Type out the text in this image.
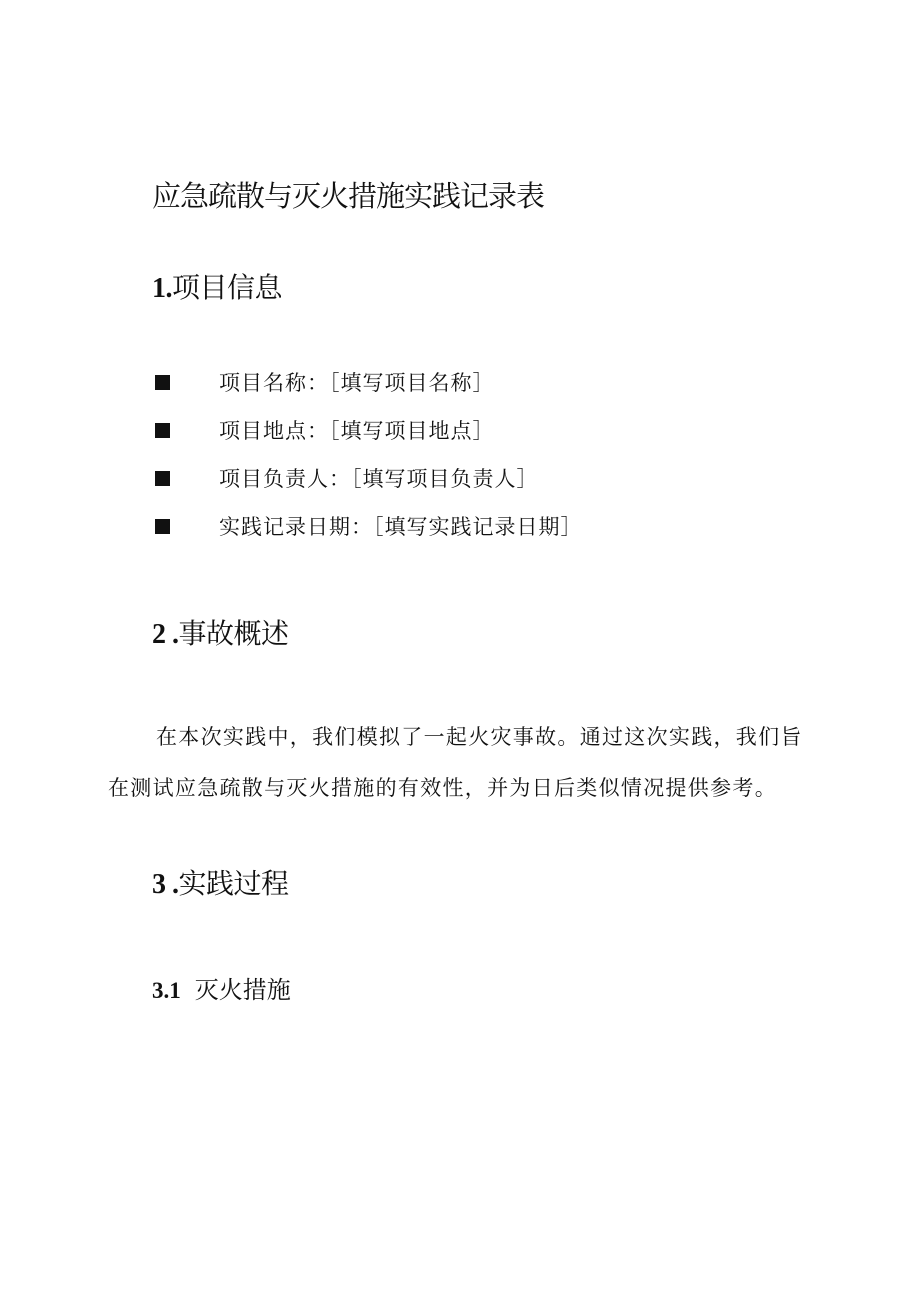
应急疏散与灭火措施实践记录表
1.项目信息
项目名称：［填写项目名称］
项目地点：［填写项目地点］
项目负责人：［填写项目负责人］
实践记录日期：［填写实践记录日期］
2 .事故概述
在本次实践中，我们模拟了一起火灾事故。通过这次实践，我们旨
在测试应急疏散与灭火措施的有效性，并为日后类似情况提供参考。
3 .实践过程
3.1 灭火措施
